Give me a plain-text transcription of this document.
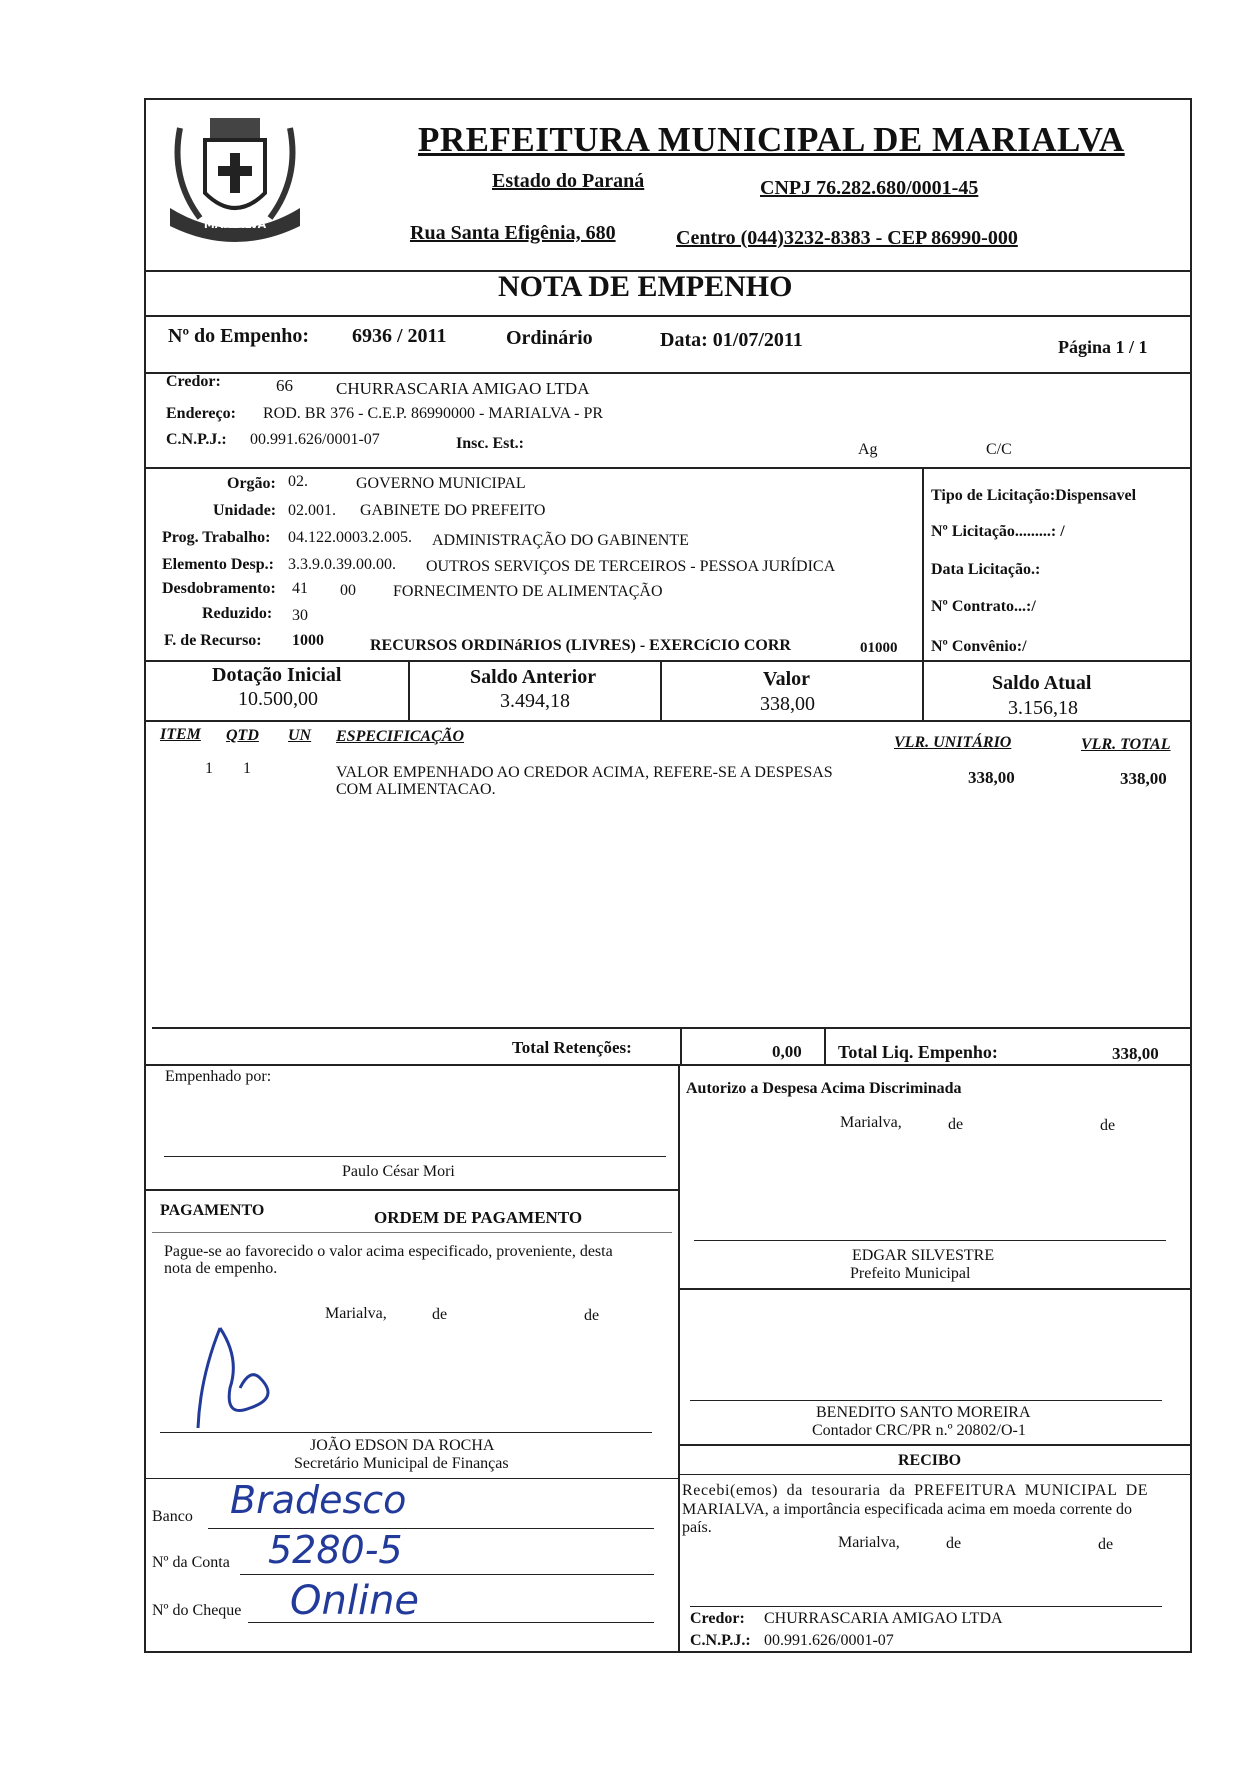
MARIALVA
PREFEITURA MUNICIPAL DE MARIALVA
Estado do Paraná	CNPJ 76.282.680/0001-45
Rua Santa Efigênia, 680	Centro (044)3232-8383 - CEP 86990-000
NOTA DE EMPENHO
Nº do Empenho: 6936 / 2011	Ordinário	Data: 01/07/2011	Página 1 / 1
Credor:	66	CHURRASCARIA AMIGAO LTDA
Endereço: ROD. BR 376 - C.E.P. 86990000 - MARIALVA - PR
C.N.P.J.: 00.991.626/0001-07	Insc. Est.:	Ag	C/C
Orgão: 02.	GOVERNO MUNICIPAL
Unidade: 02.001. GABINETE DO PREFEITO
Prog. Trabalho: 04.122.0003.2.005. ADMINISTRAÇÃO DO GABINENTE
Elemento Desp.: 3.3.9.0.39.00.00. OUTROS SERVIÇOS DE TERCEIROS - PESSOA JURÍDICA
Desdobramento: 41 00 FORNECIMENTO DE ALIMENTAÇÃO
Reduzido: 30
F. de Recurso: 1000	RECURSOS ORDINáRIOS (LIVRES) - EXERCíCIO CORR	01000
Tipo de Licitação:Dispensavel
Nº Licitação.........: /
Data Licitação.:
Nº Contrato...:/
Nº Convênio:/
Dotação Inicial
10.500,00
Saldo Anterior
3.494,18
Valor
338,00
Saldo Atual
3.156,18
ITEM QTD UN ESPECIFICAÇÃO	VLR. UNITÁRIO	VLR. TOTAL
1 1	VALOR EMPENHADO AO CREDOR ACIMA, REFERE-SE A DESPESAS
COM ALIMENTACAO.
338,00	338,00
Total Retenções:	0,00 Total Liq. Empenho:	338,00
Empenhado por:
Paulo César Mori
Autorizo a Despesa Acima Discriminada
Marialva,	de	de
EDGAR SILVESTRE
Prefeito Municipal
PAGAMENTO	ORDEM DE PAGAMENTO
Pague-se ao favorecido o valor acima especificado, proveniente, desta
nota de empenho.
Marialva,	de	de
JOÃO EDSON DA ROCHA
Secretário Municipal de Finanças
BENEDITO SANTO MOREIRA
Contador CRC/PR n.º 20802/O-1
RECIBO
Recebi(emos) da tesouraria da PREFEITURA MUNICIPAL DE
MARIALVA, a importância especificada acima em moeda corrente do
país.
Marialva,	de	de
Credor: CHURRASCARIA AMIGAO LTDA
C.N.P.J.: 00.991.626/0001-07
Banco Bradesco
Nº da Conta 5280-5
Nº do Cheque Online
